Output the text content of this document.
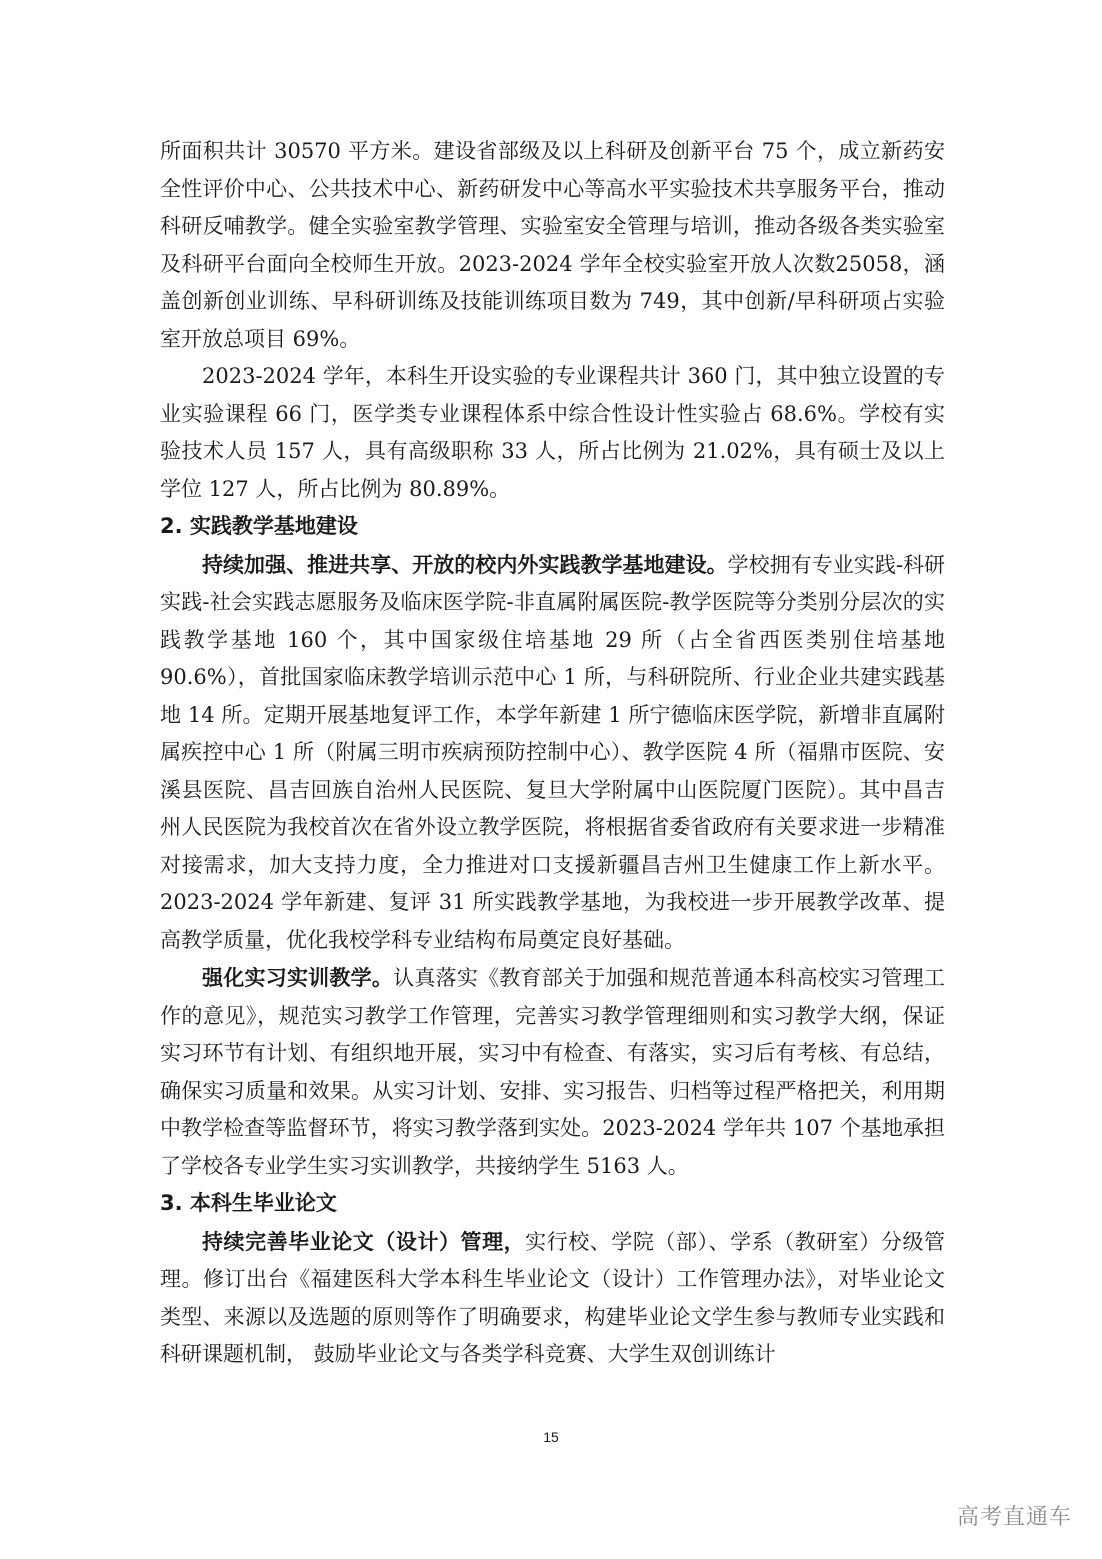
所面积共计 30570 平方米。建设省部级及以上科研及创新平台 75 个，成立新药安全性评价中心、公共技术中心、新药研发中心等高水平实验技术共享服务平台，推动科研反哺教学。健全实验室教学管理、实验室安全管理与培训，推动各级各类实验室及科研平台面向全校师生开放。2023-2024 学年全校实验室开放人次数25058，涵盖创新创业训练、早科研训练及技能训练项目数为 749，其中创新/早科研项占实验室开放总项目 69%。

2023-2024 学年，本科生开设实验的专业课程共计 360 门，其中独立设置的专业实验课程 66 门，医学类专业课程体系中综合性设计性实验占 68.6%。学校有实验技术人员 157 人，具有高级职称 33 人，所占比例为 21.02%，具有硕士及以上学位 127 人，所占比例为 80.89%。

2. 实践教学基地建设

持续加强、推进共享、开放的校内外实践教学基地建设。学校拥有专业实践-科研实践-社会实践志愿服务及临床医学院-非直属附属医院-教学医院等分类别分层次的实践教学基地 160 个，其中国家级住培基地 29 所（占全省西医类别住培基地 90.6%），首批国家临床教学培训示范中心 1 所，与科研院所、行业企业共建实践基地 14 所。定期开展基地复评工作，本学年新建 1 所宁德临床医学院，新增非直属附属疾控中心 1 所（附属三明市疾病预防控制中心）、教学医院 4 所（福鼎市医院、安溪县医院、昌吉回族自治州人民医院、复旦大学附属中山医院厦门医院）。其中昌吉州人民医院为我校首次在省外设立教学医院，将根据省委省政府有关要求进一步精准对接需求，加大支持力度，全力推进对口支援新疆昌吉州卫生健康工作上新水平。2023-2024 学年新建、复评 31 所实践教学基地，为我校进一步开展教学改革、提高教学质量，优化我校学科专业结构布局奠定良好基础。

强化实习实训教学。认真落实《教育部关于加强和规范普通本科高校实习管理工作的意见》，规范实习教学工作管理，完善实习教学管理细则和实习教学大纲，保证实习环节有计划、有组织地开展，实习中有检查、有落实，实习后有考核、有总结，确保实习质量和效果。从实习计划、安排、实习报告、归档等过程严格把关，利用期中教学检查等监督环节，将实习教学落到实处。2023-2024 学年共 107 个基地承担了学校各专业学生实习实训教学，共接纳学生 5163 人。

3. 本科生毕业论文

持续完善毕业论文（设计）管理，实行校、学院（部）、学系（教研室）分级管理。修订出台《福建医科大学本科生毕业论文（设计）工作管理办法》，对毕业论文类型、来源以及选题的原则等作了明确要求，构建毕业论文学生参与教师专业实践和科研课题机制， 鼓励毕业论文与各类学科竞赛、大学生双创训练计

15
高考直通车
